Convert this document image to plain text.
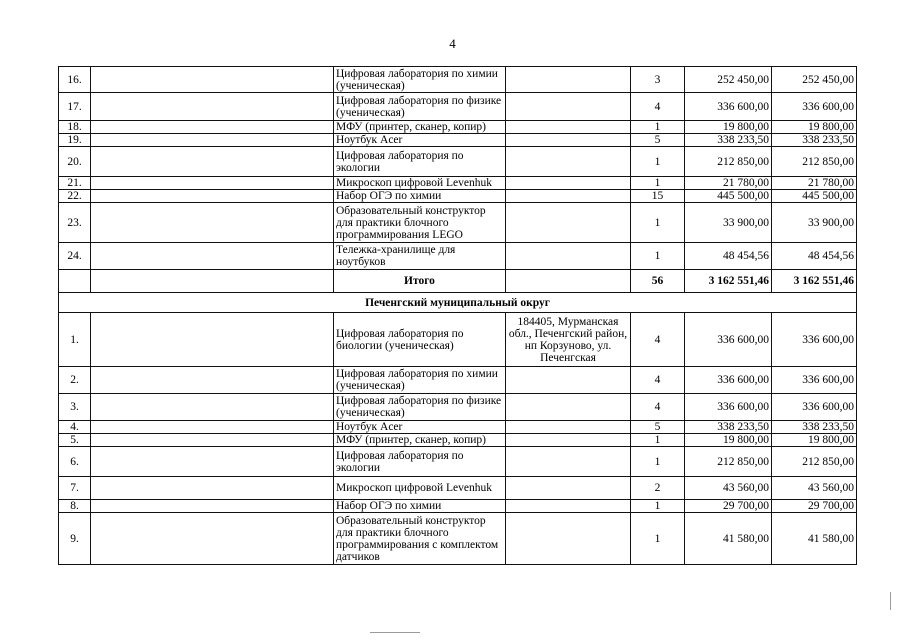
4
16.		Цифровая лаборатория по химии (ученическая)		3	252 450,00	252 450,00
17.		Цифровая лаборатория по физике (ученическая)		4	336 600,00	336 600,00
18.		МФУ (принтер, сканер, копир)		1	19 800,00	19 800,00
19.		Ноутбук Acer		5	338 233,50	338 233,50
20.		Цифровая лаборатория по экологии		1	212 850,00	212 850,00
21.		Микроскоп цифровой Levenhuk		1	21 780,00	21 780,00
22.		Набор ОГЭ по химии		15	445 500,00	445 500,00
23.		Образовательный конструктор для практики блочного программирования LEGO		1	33 900,00	33 900,00
24.		Тележка-хранилище для ноутбуков		1	48 454,56	48 454,56
		Итого		56	3 162 551,46	3 162 551,46
Печенгский муниципальный округ						
1.		Цифровая лаборатория по биологии (ученическая)	184405, Мурманская обл., Печенгский район, нп Корзуново, ул. Печенгская	4	336 600,00	336 600,00
2.		Цифровая лаборатория по химии (ученическая)		4	336 600,00	336 600,00
3.		Цифровая лаборатория по физике (ученическая)		4	336 600,00	336 600,00
4.		Ноутбук Acer		5	338 233,50	338 233,50
5.		МФУ (принтер, сканер, копир)		1	19 800,00	19 800,00
6.		Цифровая лаборатория по экологии		1	212 850,00	212 850,00
7.		Микроскоп цифровой Levenhuk		2	43 560,00	43 560,00
8.		Набор ОГЭ по химии		1	29 700,00	29 700,00
9.		Образовательный конструктор для практики блочного программирования с комплектом датчиков		1	41 580,00	41 580,00
